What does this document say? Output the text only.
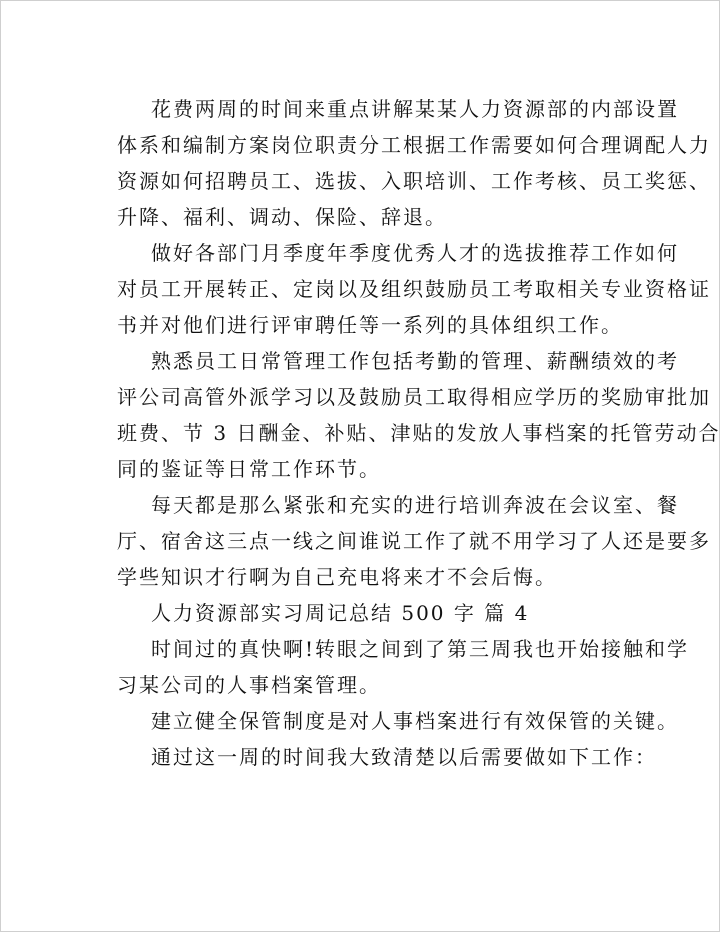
花费两周的时间来重点讲解某某人力资源部的内部设置
体系和编制方案岗位职责分工根据工作需要如何合理调配人力
资源如何招聘员工、选拔、入职培训、工作考核、员工奖惩、
升降、福利、调动、保险、辞退。
做好各部门月季度年季度优秀人才的选拔推荐工作如何
对员工开展转正、定岗以及组织鼓励员工考取相关专业资格证
书并对他们进行评审聘任等一系列的具体组织工作。
熟悉员工日常管理工作包括考勤的管理、薪酬绩效的考
评公司高管外派学习以及鼓励员工取得相应学历的奖励审批加
班费、节 3 日酬金、补贴、津贴的发放人事档案的托管劳动合
同的鉴证等日常工作环节。
每天都是那么紧张和充实的进行培训奔波在会议室、餐
厅、宿舍这三点一线之间谁说工作了就不用学习了人还是要多
学些知识才行啊为自己充电将来才不会后悔。
人力资源部实习周记总结 500 字 篇 4
时间过的真快啊!转眼之间到了第三周我也开始接触和学
习某公司的人事档案管理。
建立健全保管制度是对人事档案进行有效保管的关键。
通过这一周的时间我大致清楚以后需要做如下工作：
